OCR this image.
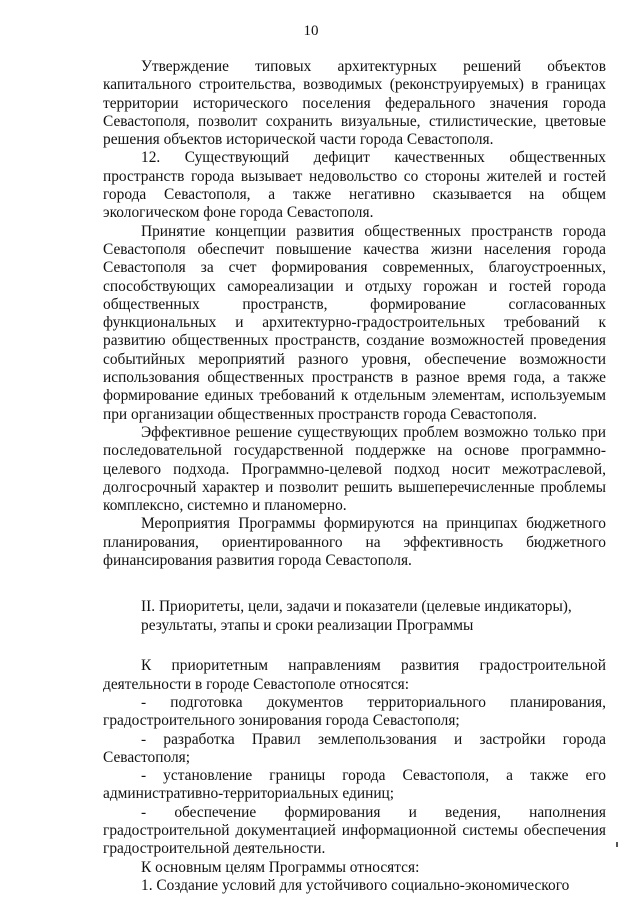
10

Утверждение типовых архитектурных решений объектов капитального строительства, возводимых (реконструируемых) в границах территории исторического поселения федерального значения города Севастополя, позволит сохранить визуальные, стилистические, цветовые решения объектов исторической части города Севастополя.

12. Существующий дефицит качественных общественных пространств города вызывает недовольство со стороны жителей и гостей города Севастополя, а также негативно сказывается на общем экологическом фоне города Севастополя.

Принятие концепции развития общественных пространств города Севастополя обеспечит повышение качества жизни населения города Севастополя за счет формирования современных, благоустроенных, способствующих самореализации и отдыху горожан и гостей города общественных пространств, формирование согласованных функциональных и архитектурно-градостроительных требований к развитию общественных пространств, создание возможностей проведения событийных мероприятий разного уровня, обеспечение возможности использования общественных пространств в разное время года, а также формирование единых требований к отдельным элементам, используемым при организации общественных пространств города Севастополя.

Эффективное решение существующих проблем возможно только при последовательной государственной поддержке на основе программно-целевого подхода. Программно-целевой подход носит межотраслевой, долгосрочный характер и позволит решить вышеперечисленные проблемы комплексно, системно и планомерно.

Мероприятия Программы формируются на принципах бюджетного планирования, ориентированного на эффективность бюджетного финансирования развития города Севастополя.

II. Приоритеты, цели, задачи и показатели (целевые индикаторы),

результаты, этапы и сроки реализации Программы

К приоритетным направлениям развития градостроительной деятельности в городе Севастополе относятся:

- подготовка документов территориального планирования, градостроительного зонирования города Севастополя;

- разработка Правил землепользования и застройки города Севастополя;

- установление границы города Севастополя, а также его административно-территориальных единиц;

- обеспечение формирования и ведения, наполнения градостроительной документацией информационной системы обеспечения градостроительной деятельности.

К основным целям Программы относятся:

1. Создание условий для устойчивого социально-экономического
